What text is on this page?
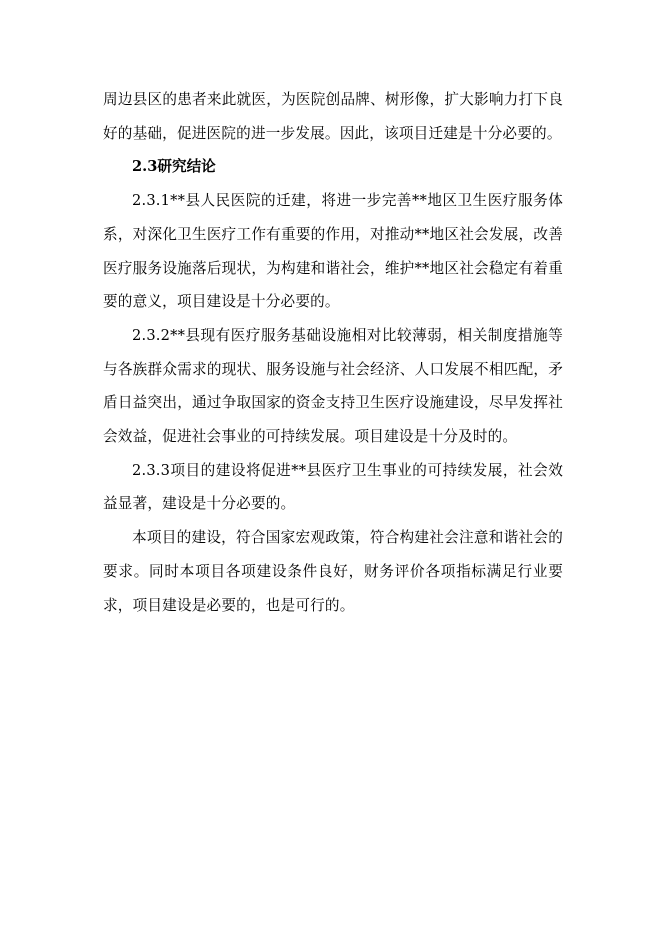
周边县区的患者来此就医，为医院创品牌、树形像，扩大影响力打下良好的基础，促进医院的进一步发展。因此，该项目迁建是十分必要的。

2.3研究结论

2.3.1**县人民医院的迁建，将进一步完善**地区卫生医疗服务体系，对深化卫生医疗工作有重要的作用，对推动**地区社会发展，改善医疗服务设施落后现状，为构建和谐社会，维护**地区社会稳定有着重要的意义，项目建设是十分必要的。

2.3.2**县现有医疗服务基础设施相对比较薄弱，相关制度措施等与各族群众需求的现状、服务设施与社会经济、人口发展不相匹配，矛盾日益突出，通过争取国家的资金支持卫生医疗设施建设，尽早发挥社会效益，促进社会事业的可持续发展。项目建设是十分及时的。

2.3.3项目的建设将促进**县医疗卫生事业的可持续发展，社会效益显著，建设是十分必要的。

本项目的建设，符合国家宏观政策，符合构建社会注意和谐社会的要求。同时本项目各项建设条件良好，财务评价各项指标满足行业要求，项目建设是必要的，也是可行的。
